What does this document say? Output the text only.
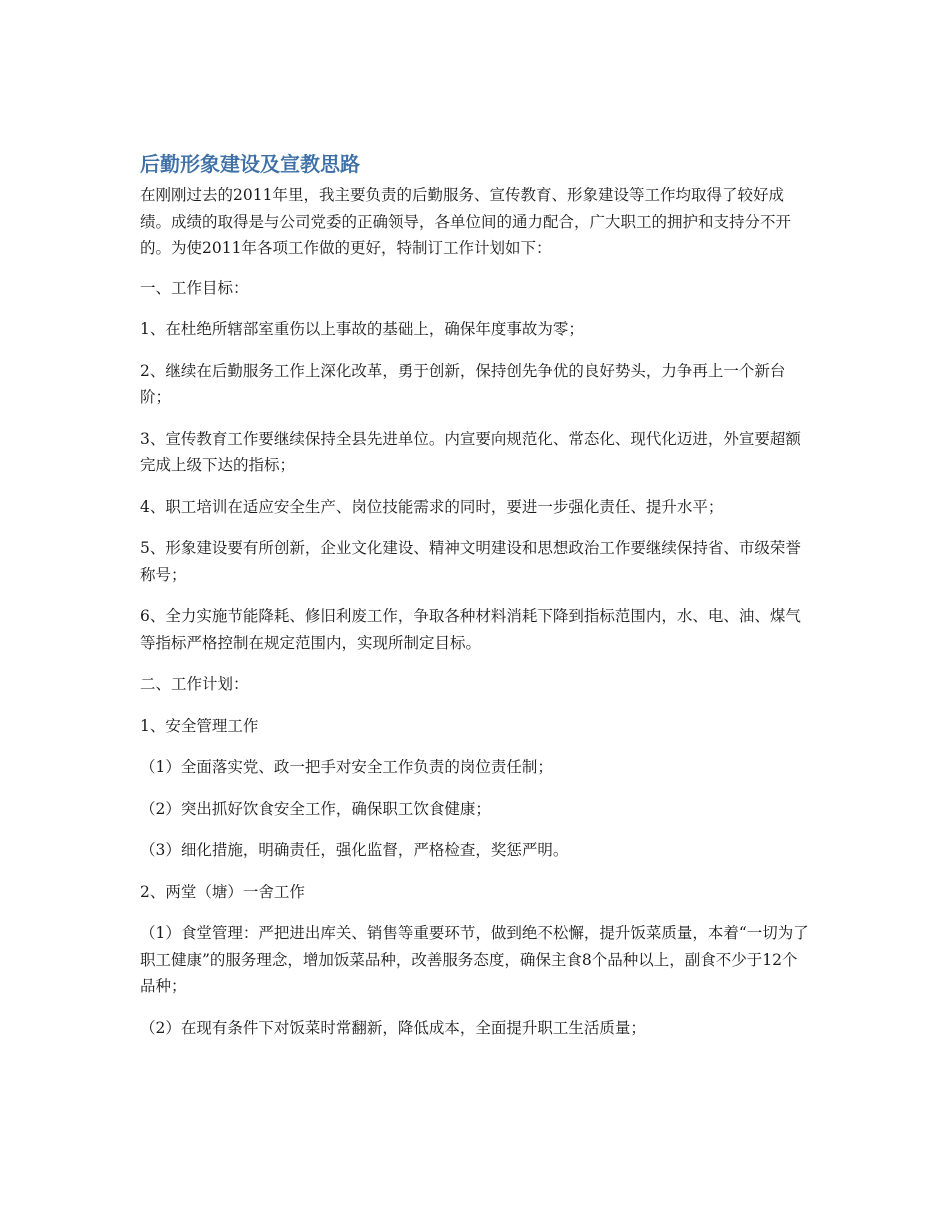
后勤形象建设及宣教思路

在刚刚过去的2011年里，我主要负责的后勤服务、宣传教育、形象建设等工作均取得了较好成绩。成绩的取得是与公司党委的正确领导，各单位间的通力配合，广大职工的拥护和支持分不开的。为使2011年各项工作做的更好，特制订工作计划如下：

一、工作目标：

1、在杜绝所辖部室重伤以上事故的基础上，确保年度事故为零；

2、继续在后勤服务工作上深化改革，勇于创新，保持创先争优的良好势头，力争再上一个新台阶；

3、宣传教育工作要继续保持全县先进单位。内宣要向规范化、常态化、现代化迈进，外宣要超额完成上级下达的指标；

4、职工培训在适应安全生产、岗位技能需求的同时，要进一步强化责任、提升水平；

5、形象建设要有所创新，企业文化建设、精神文明建设和思想政治工作要继续保持省、市级荣誉称号；

6、全力实施节能降耗、修旧利废工作，争取各种材料消耗下降到指标范围内，水、电、油、煤气等指标严格控制在规定范围内，实现所制定目标。

二、工作计划：

1、安全管理工作

（1）全面落实党、政一把手对安全工作负责的岗位责任制；

（2）突出抓好饮食安全工作，确保职工饮食健康；

（3）细化措施，明确责任，强化监督，严格检查，奖惩严明。

2、两堂（塘）一舍工作

（1）食堂管理：严把进出库关、销售等重要环节，做到绝不松懈，提升饭菜质量，本着“一切为了职工健康”的服务理念，增加饭菜品种，改善服务态度，确保主食8个品种以上，副食不少于12个品种；

（2）在现有条件下对饭菜时常翻新，降低成本，全面提升职工生活质量；
